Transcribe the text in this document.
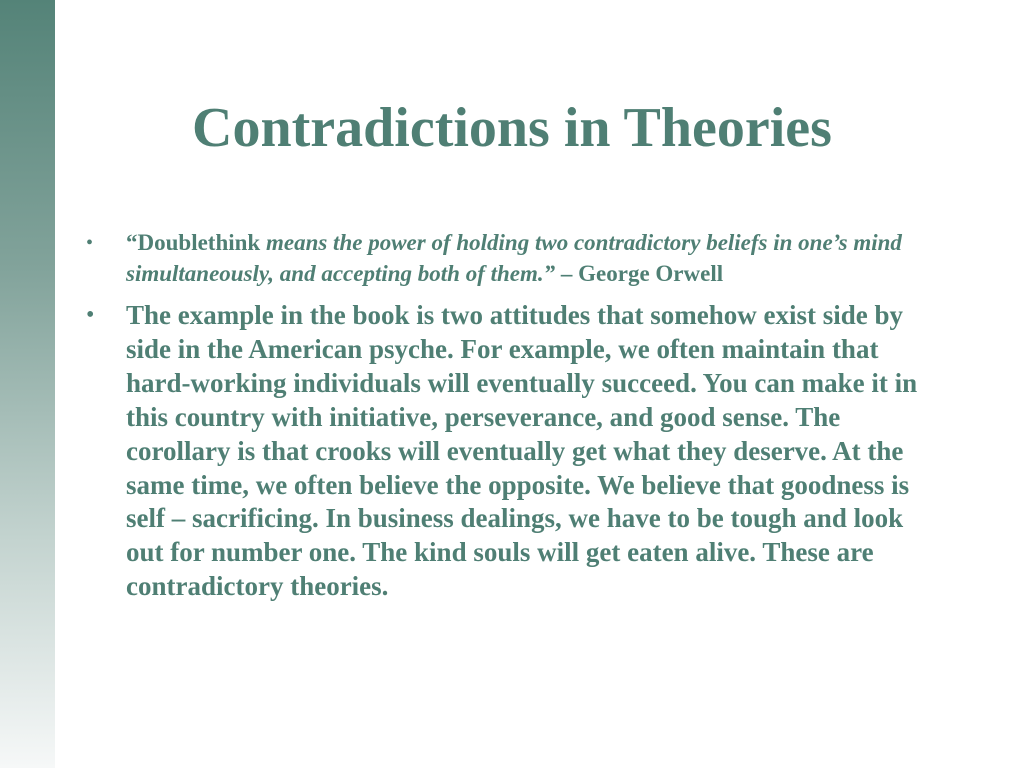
Contradictions in Theories
• “Doublethink means the power of holding two contradictory beliefs in one’s mind simultaneously, and accepting both of them.” – George Orwell
• The example in the book is two attitudes that somehow exist side by side in the American psyche. For example, we often maintain that hard-working individuals will eventually succeed. You can make it in this country with initiative, perseverance, and good sense. The corollary is that crooks will eventually get what they deserve. At the same time, we often believe the opposite. We believe that goodness is self – sacrificing. In business dealings, we have to be tough and look out for number one. The kind souls will get eaten alive. These are contradictory theories.
